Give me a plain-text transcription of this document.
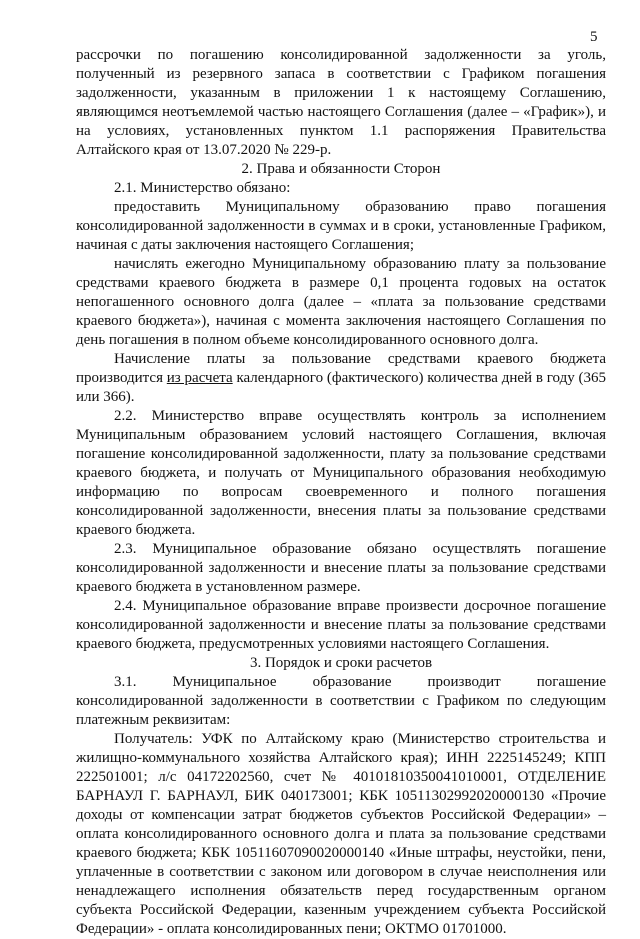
5

рассрочки по погашению консолидированной задолженности за уголь, полученный из резервного запаса в соответствии с Графиком погашения задолженности, указанным в приложении 1 к настоящему Соглашению, являющимся неотъемлемой частью настоящего Соглашения (далее – «График»), и на условиях, установленных пунктом 1.1 распоряжения Правительства Алтайского края от 13.07.2020 № 229-р.

2. Права и обязанности Сторон

2.1. Министерство обязано:

предоставить Муниципальному образованию право погашения консолидированной задолженности в суммах и в сроки, установленные Графиком, начиная с даты заключения настоящего Соглашения;

начислять ежегодно Муниципальному образованию плату за пользование средствами краевого бюджета в размере 0,1 процента годовых на остаток непогашенного основного долга (далее – «плата за пользование средствами краевого бюджета»), начиная с момента заключения настоящего Соглашения по день погашения в полном объеме консолидированного основного долга.

Начисление платы за пользование средствами краевого бюджета производится из расчета календарного (фактического) количества дней в году (365 или 366).

2.2. Министерство вправе осуществлять контроль за исполнением Муниципальным образованием условий настоящего Соглашения, включая погашение консолидированной задолженности, плату за пользование средствами краевого бюджета, и получать от Муниципального образования необходимую информацию по вопросам своевременного и полного погашения консолидированной задолженности, внесения платы за пользование средствами краевого бюджета.

2.3. Муниципальное образование обязано осуществлять погашение консолидированной задолженности и внесение платы за пользование средствами краевого бюджета в установленном размере.

2.4. Муниципальное образование вправе произвести досрочное погашение консолидированной задолженности и внесение платы за пользование средствами краевого бюджета, предусмотренных условиями настоящего Соглашения.

3. Порядок и сроки расчетов

3.1. Муниципальное образование производит погашение консолидированной задолженности в соответствии с Графиком по следующим платежным реквизитам:

Получатель: УФК по Алтайскому краю (Министерство строительства и жилищно-коммунального хозяйства Алтайского края); ИНН 2225145249; КПП 222501001; л/с 04172202560, счет № 40101810350041010001, ОТДЕЛЕНИЕ БАРНАУЛ Г. БАРНАУЛ, БИК 040173001; КБК 10511302992020000130 «Прочие доходы от компенсации затрат бюджетов субъектов Российской Федерации» – оплата консолидированного основного долга и плата за пользование средствами краевого бюджета; КБК 10511607090020000140 «Иные штрафы, неустойки, пени, уплаченные в соответствии с законом или договором в случае неисполнения или ненадлежащего исполнения обязательств перед государственным органом субъекта Российской Федерации, казенным учреждением субъекта Российской Федерации» - оплата консолидированных пени; ОКТМО 01701000.
